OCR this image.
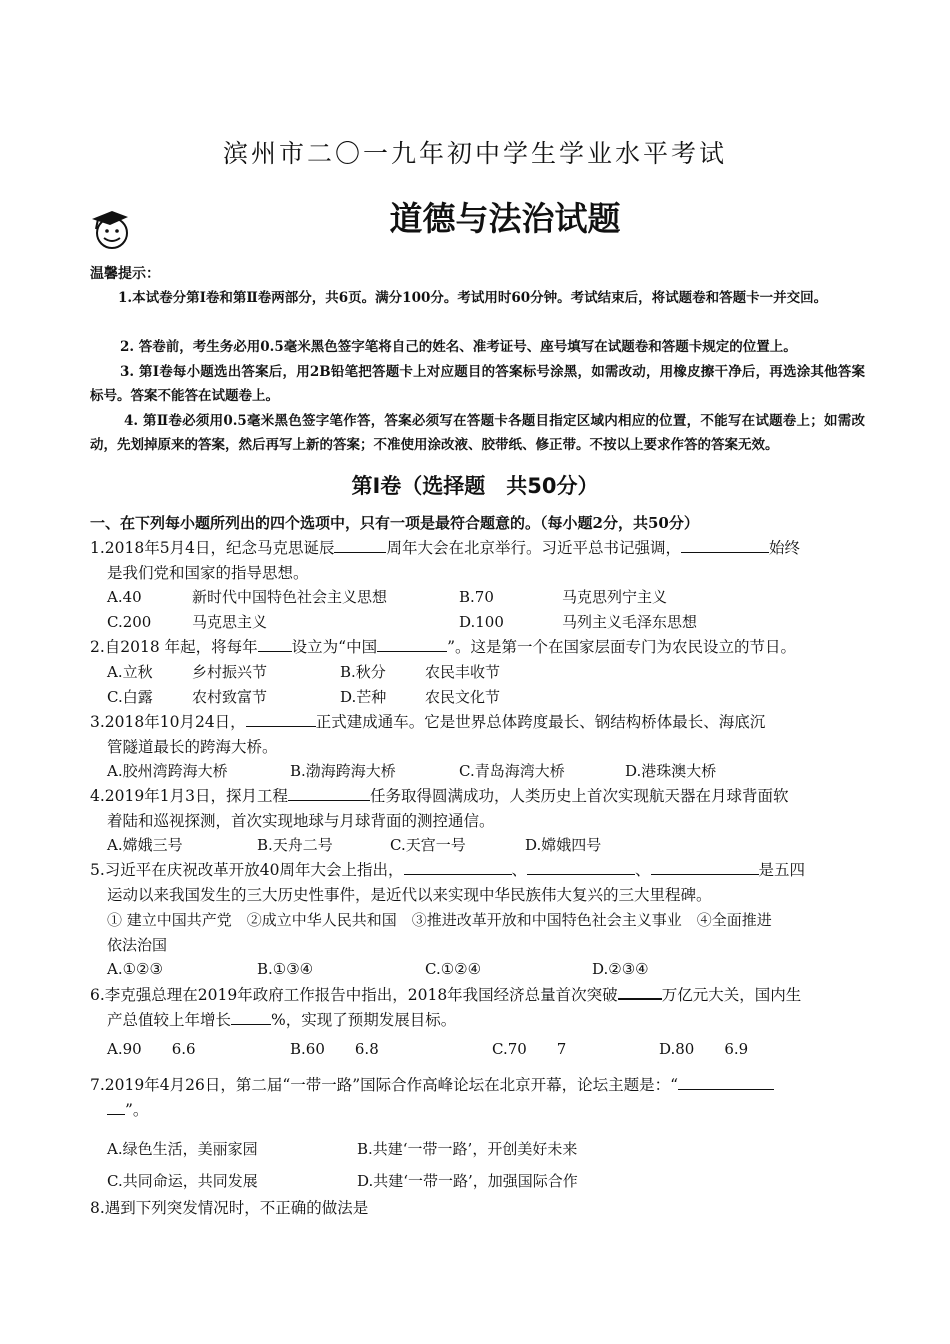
滨州市二〇一九年初中学生学业水平考试
道德与法治试题
温馨提示：
1.本试卷分第Ⅰ卷和第Ⅱ卷两部分，共6页。满分100分。考试用时60分钟。考试结束后，将试题卷和答题卡一并交回。
2. 答卷前，考生务必用0.5毫米黑色签字笔将自己的姓名、准考证号、座号填写在试题卷和答题卡规定的位置上。
3. 第Ⅰ卷每小题选出答案后，用2B铅笔把答题卡上对应题目的答案标号涂黑，如需改动，用橡皮擦干净后，再选涂其他答案标号。答案不能答在试题卷上。
4. 第Ⅱ卷必须用0.5毫米黑色签字笔作答，答案必须写在答题卡各题目指定区域内相应的位置，不能写在试题卷上；如需改动，先划掉原来的答案，然后再写上新的答案；不准使用涂改液、胶带纸、修正带。不按以上要求作答的答案无效。
第Ⅰ卷（选择题　共50分）
一、在下列每小题所列出的四个选项中，只有一项是最符合题意的。（每小题2分，共50分）
1.2018年5月4日，纪念马克思诞辰	周年大会在北京举行。习近平总书记强调，	始终
是我们党和国家的指导思想。
A.40	新时代中国特色社会主义思想	B.70	马克思列宁主义
C.200	马克思主义	D.100	马列主义毛泽东思想
2.自2018 年起，将每年 设立为“中国	”。这是第一个在国家层面专门为农民设立的节日。
A.立秋	乡村振兴节	B.秋分	农民丰收节
C.白露	农村致富节	D.芒种	农民文化节
3.2018年10月24日，	正式建成通车。它是世界总体跨度最长、钢结构桥体最长、海底沉
管隧道最长的跨海大桥。
A.胶州湾跨海大桥	B.渤海跨海大桥	C.青岛海湾大桥	D.港珠澳大桥
4.2019年1月3日，探月工程	任务取得圆满成功，人类历史上首次实现航天器在月球背面软
着陆和巡视探测，首次实现地球与月球背面的测控通信。
A.嫦娥三号	B.天舟二号	C.天宫一号	D.嫦娥四号
5.习近平在庆祝改革开放40周年大会上指出，	、	、	是五四
运动以来我国发生的三大历史性事件，是近代以来实现中华民族伟大复兴的三大里程碑。
① 建立中国共产党　②成立中华人民共和国　③推进改革开放和中国特色社会主义事业　④全面推进
依法治国
A.①②③	B.①③④	C.①②④	D.②③④
6.李克强总理在2019年政府工作报告中指出，2018年我国经济总量首次突破	万亿元大关，国内生
产总值较上年增长	%，实现了预期发展目标。
A.90　　6.6	B.60　　6.8	C.70　　7	D.80　　6.9
7.2019年4月26日，第二届“一带一路”国际合作高峰论坛在北京开幕，论坛主题是：“
”。
A.绿色生活，美丽家园	B.共建‘一带一路’，开创美好未来
C.共同命运，共同发展	D.共建‘一带一路’，加强国际合作
8.遇到下列突发情况时，不正确的做法是
